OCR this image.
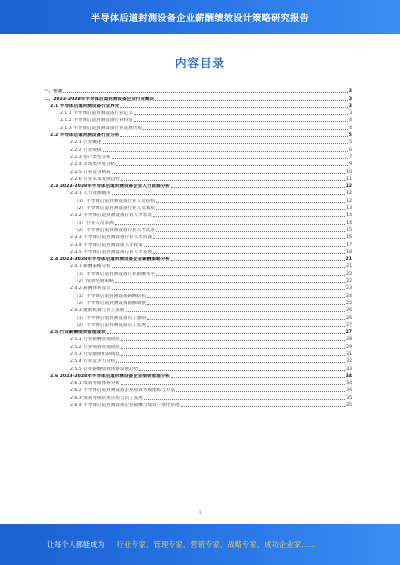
半导体后道封测设备企业薪酬绩效设计策略研究报告
内容目录
一、引言	3
二、2023-2028年半导体后道封测设备企业行业概况	3
2.1 半导体后道封测设备行业界定	3
2.1.1 半导体后道封测设备行业定义	3
2.1.2 半导体后道封测设备行业特征	4
2.1.3 半导体后道封测设备行业发展历程	4
2.2 半导体后道封测设备行业分析	5
2.2.1 行业概述	5
2.2.2 行业规模	6
2.2.3 客户类型分析	7
2.2.4 市场集中度分析	9
2.2.5 行业竞争格局	10
2.2.6 行业未来发展趋势	11
2.3 2023-2028年半导体后道封测设备企业人力资源分析	12
2.3.1 人力资源概况	12
（1）半导体后道封测设备行业人员结构	12
（2）半导体后道封测设备行业人员素质	13
2.3.2 半导体后道封测设备行业人才状况	14
（1）行业人员来源	14
（2）半导体后道封测设备行业人才需求	15
2.3.3 半导体后道封测设备行业人才问题	16
2.3.4 半导体后道封测设备人才政策	17
2.3.5 半导体后道封测设备行业人才发展	18
2.4 2023-2028年半导体后道封测设备企业薪酬策略分析	21
2.4.1 薪酬策略分析	21
（1）半导体后道封测设备行业薪酬水平	22
（2）绩效奖励策略	22
2.4.2 薪酬体系设计	23
（1）半导体后道封测设备薪酬结构	24
（2）半导体后道封测设备薪酬调整	25
2.4.3 激励机制与员工发展	26
（1）半导体后道封测设备员工激励	26
（2）半导体后道封测设备员工发展	27
2.5 行业薪酬绩效管理现状	27
2.5.1 行业薪酬管理现状	28
2.5.2 行业绩效管理现状	29
2.5.3 行业激励机制现状	31
2.5.4 行业竞争力分析	32
2.5.5 行业薪酬绩效体系发展趋势	33
2.6 2023-2028年半导体后道封测设备企业绩效管理分析	34
2.6.1 绩效考核体系分析	34
2.6.2 半导体后道封测设备企业绩效考核指标与方法	34
2.6.3 绩效考核结果应用与员工发展	35
2.6.4 半导体后道封测设备企业薪酬与绩效一体化管理	35
1
让每个人都能成为 行业专家、管理专家、营销专家、战略专家、成功企业家……
